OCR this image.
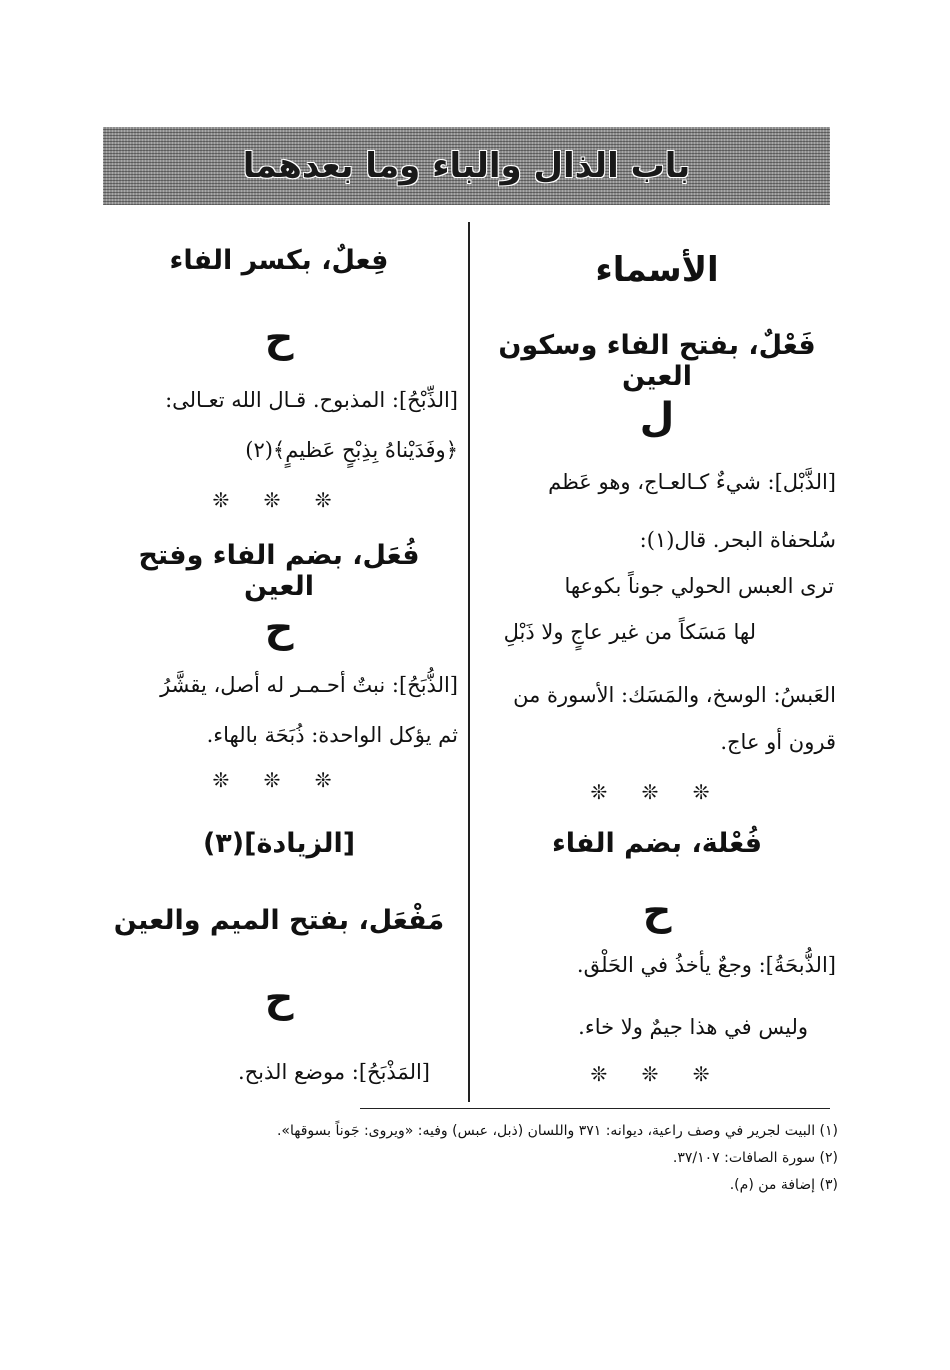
باب الذال والباء وما بعدهما
الأسماء
فَعْلٌ، بفتح الفاء وسكون العين
ل
[الذَّبْل]: شيءٌ كـالعـاج، وهو عَظم
سُلحفاة البحر. قال(١):
ترى العبس الحولي جوناً بكوعها
لها مَسَكاً من غير عاجٍ ولا ذَبْلِ
العَبسُ: الوسخ، والمَسَك: الأسورة من
قرون أو عاج.
❊ ❊ ❊
فُعْلة، بضم الفاء
ح
[الذُّبحَةُ]: وجعٌ يأخذُ في الحَلْق.
وليس في هذا جيمٌ ولا خاء.
❊ ❊ ❊
فِعلٌ، بكسر الفاء
ح
[الذِّبْحُ]: المذبوح. قـال الله تعـالى:
﴿وفَدَيْناهُ بِذِبْحٍ عَظيمٍ﴾(٢)
❊ ❊ ❊
فُعَل، بضم الفاء وفتح العين
ح
[الذُّبَحُ]: نبتٌ أحـمـر له أصل، يقشَّرُ
ثم يؤكل الواحدة: ذُبَحَة بالهاء.
❊ ❊ ❊
[الزيادة](٣)
مَفْعَل، بفتح الميم والعين
ح
[المَذْبَحُ]: موضع الذبح.

(١) البيت لجرير في وصف راعية، ديوانه: ٣٧١ واللسان (ذبل، عبس) وفيه: «ويروى: جَوناً بسوقها».

(٢) سورة الصافات: ٣٧/١٠٧.

(٣) إضافة من (م).
